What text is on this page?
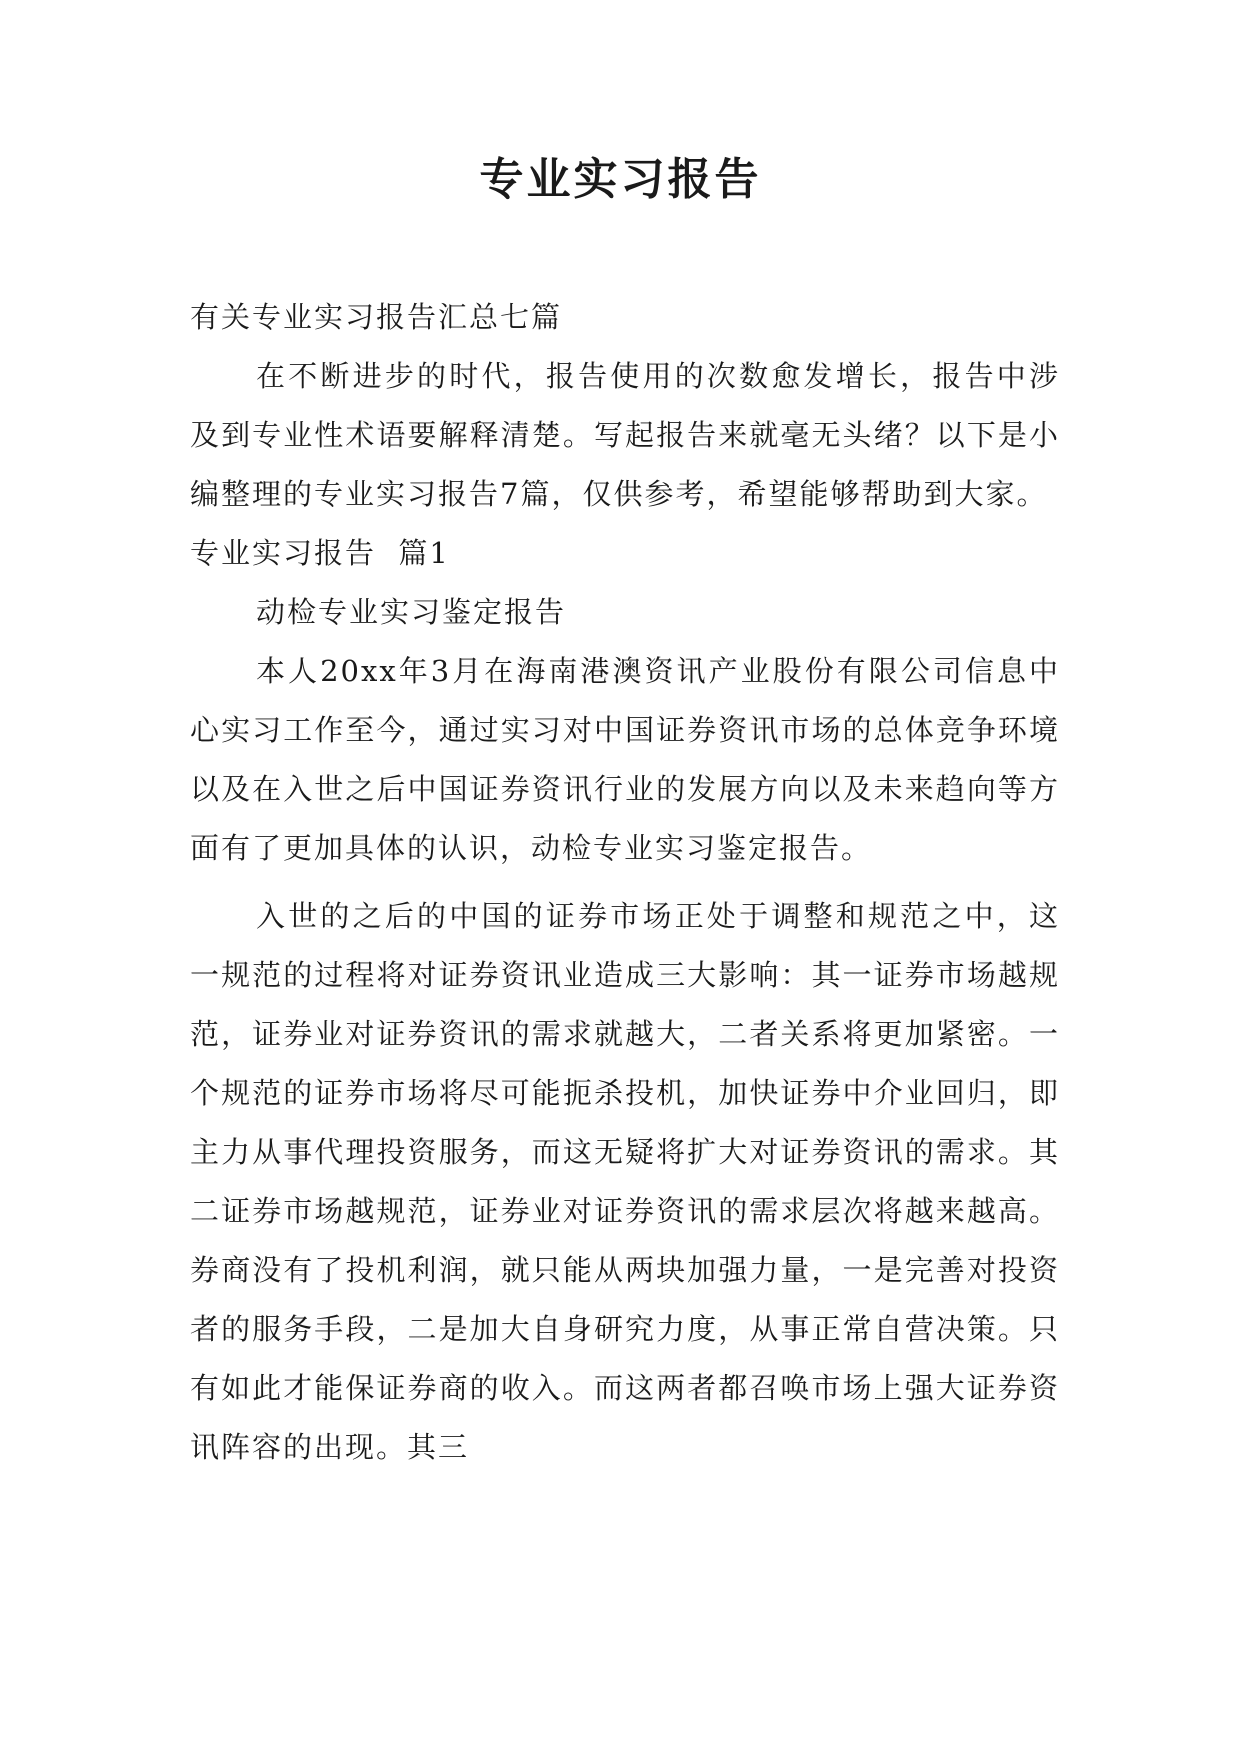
专业实习报告

有关专业实习报告汇总七篇

在不断进步的时代，报告使用的次数愈发增长，报告中涉及到专业性术语要解释清楚。写起报告来就毫无头绪？以下是小编整理的专业实习报告7篇，仅供参考，希望能够帮助到大家。

专业实习报告  篇1

动检专业实习鉴定报告

本人20xx年3月在海南港澳资讯产业股份有限公司信息中心实习工作至今，通过实习对中国证券资讯市场的总体竞争环境以及在入世之后中国证券资讯行业的发展方向以及未来趋向等方面有了更加具体的认识，动检专业实习鉴定报告。

入世的之后的中国的证券市场正处于调整和规范之中，这一规范的过程将对证券资讯业造成三大影响：其一证券市场越规范，证券业对证券资讯的需求就越大，二者关系将更加紧密。一个规范的证券市场将尽可能扼杀投机，加快证券中介业回归，即主力从事代理投资服务，而这无疑将扩大对证券资讯的需求。其二证券市场越规范，证券业对证券资讯的需求层次将越来越高。券商没有了投机利润，就只能从两块加强力量，一是完善对投资者的服务手段，二是加大自身研究力度，从事正常自营决策。只有如此才能保证券商的收入。而这两者都召唤市场上强大证券资讯阵容的出现。其三
